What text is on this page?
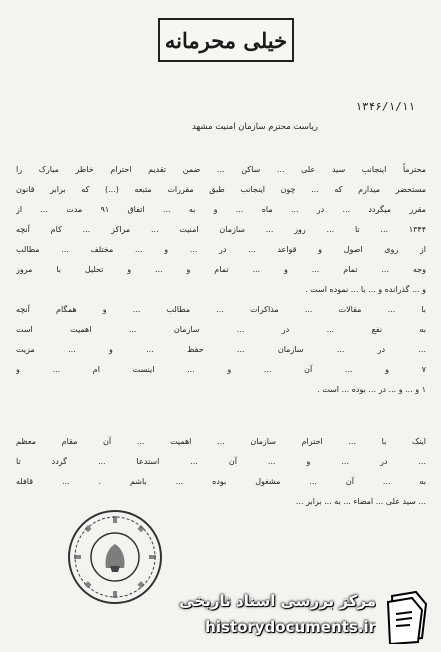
خیلی محرمانه
۱۳۴۶/۱/۱۱
ریاست محترم سازمان امنیت مشهد
محترماً اینجانب سید علی ... ساکن ... ضمن تقدیم احترام خاطر مبارک را
مستحضر میدارم که ... چون اینجانب طبق مقررات متبعه (...) که برابر قانون
مقرر میگردد ... در ... ماه ... و به ... اتفاق ۹۱ مدت ... از
۱۳۴۴ ... تا ... روز ... سازمان امنیت ... مراکز ... کام آنچه
از روی اصول و قواعد ... در ... و ... مختلف ... مطالب
وجه ... تمام ... و ... تمام و ... و تحلیل با مروز
و ... گذرانده و ... با ... نموده است .
با ... مقالات ... مذاکرات ... مطالب ... و همگام آنچه
به نفع ... در ... سازمان ... اهمیت است
... در ... سازمان ... حفظ ... و ... مزیت
۷ و ... آن ... و ... اینست ام ... و
۱ و ... و ... در ... بوده ... است .
اینک با ... احترام سازمان ... اهمیت ... آن مقام معظم
... در ... و ... آن ... استدعا ... گردد تا
به ... آن ... مشغول بوده ... باشم . ... قافله
... سید علی ... امضاء ... به ... برابر ...
مرکز بررسی اسناد تاریخی
historydocuments.ir
